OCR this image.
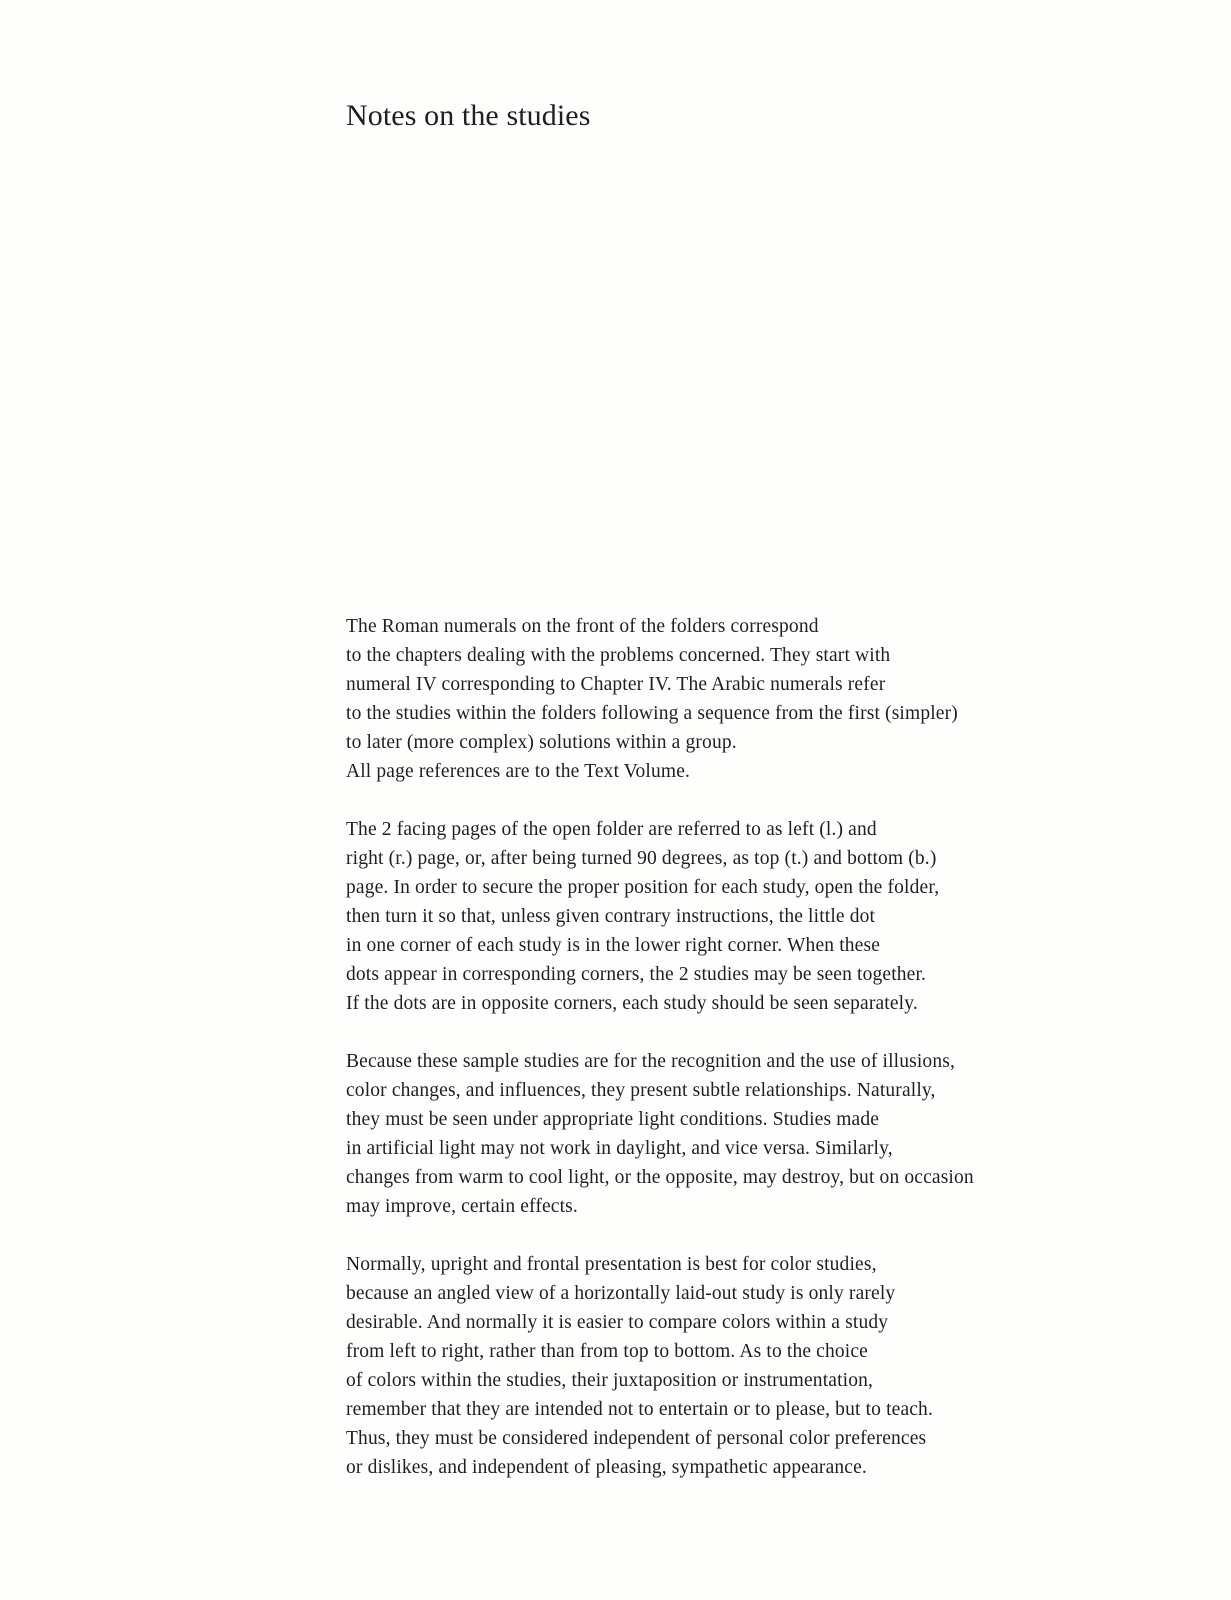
Notes on the studies

The Roman numerals on the front of the folders correspond
to the chapters dealing with the problems concerned. They start with
numeral IV corresponding to Chapter IV. The Arabic numerals refer
to the studies within the folders following a sequence from the first (simpler)
to later (more complex) solutions within a group.
All page references are to the Text Volume.

The 2 facing pages of the open folder are referred to as left (l.) and
right (r.) page, or, after being turned 90 degrees, as top (t.) and bottom (b.)
page. In order to secure the proper position for each study, open the folder,
then turn it so that, unless given contrary instructions, the little dot
in one corner of each study is in the lower right corner. When these
dots appear in corresponding corners, the 2 studies may be seen together.
If the dots are in opposite corners, each study should be seen separately.

Because these sample studies are for the recognition and the use of illusions,
color changes, and influences, they present subtle relationships. Naturally,
they must be seen under appropriate light conditions. Studies made
in artificial light may not work in daylight, and vice versa. Similarly,
changes from warm to cool light, or the opposite, may destroy, but on occasion
may improve, certain effects.

Normally, upright and frontal presentation is best for color studies,
because an angled view of a horizontally laid-out study is only rarely
desirable. And normally it is easier to compare colors within a study
from left to right, rather than from top to bottom. As to the choice
of colors within the studies, their juxtaposition or instrumentation,
remember that they are intended not to entertain or to please, but to teach.
Thus, they must be considered independent of personal color preferences
or dislikes, and independent of pleasing, sympathetic appearance.
